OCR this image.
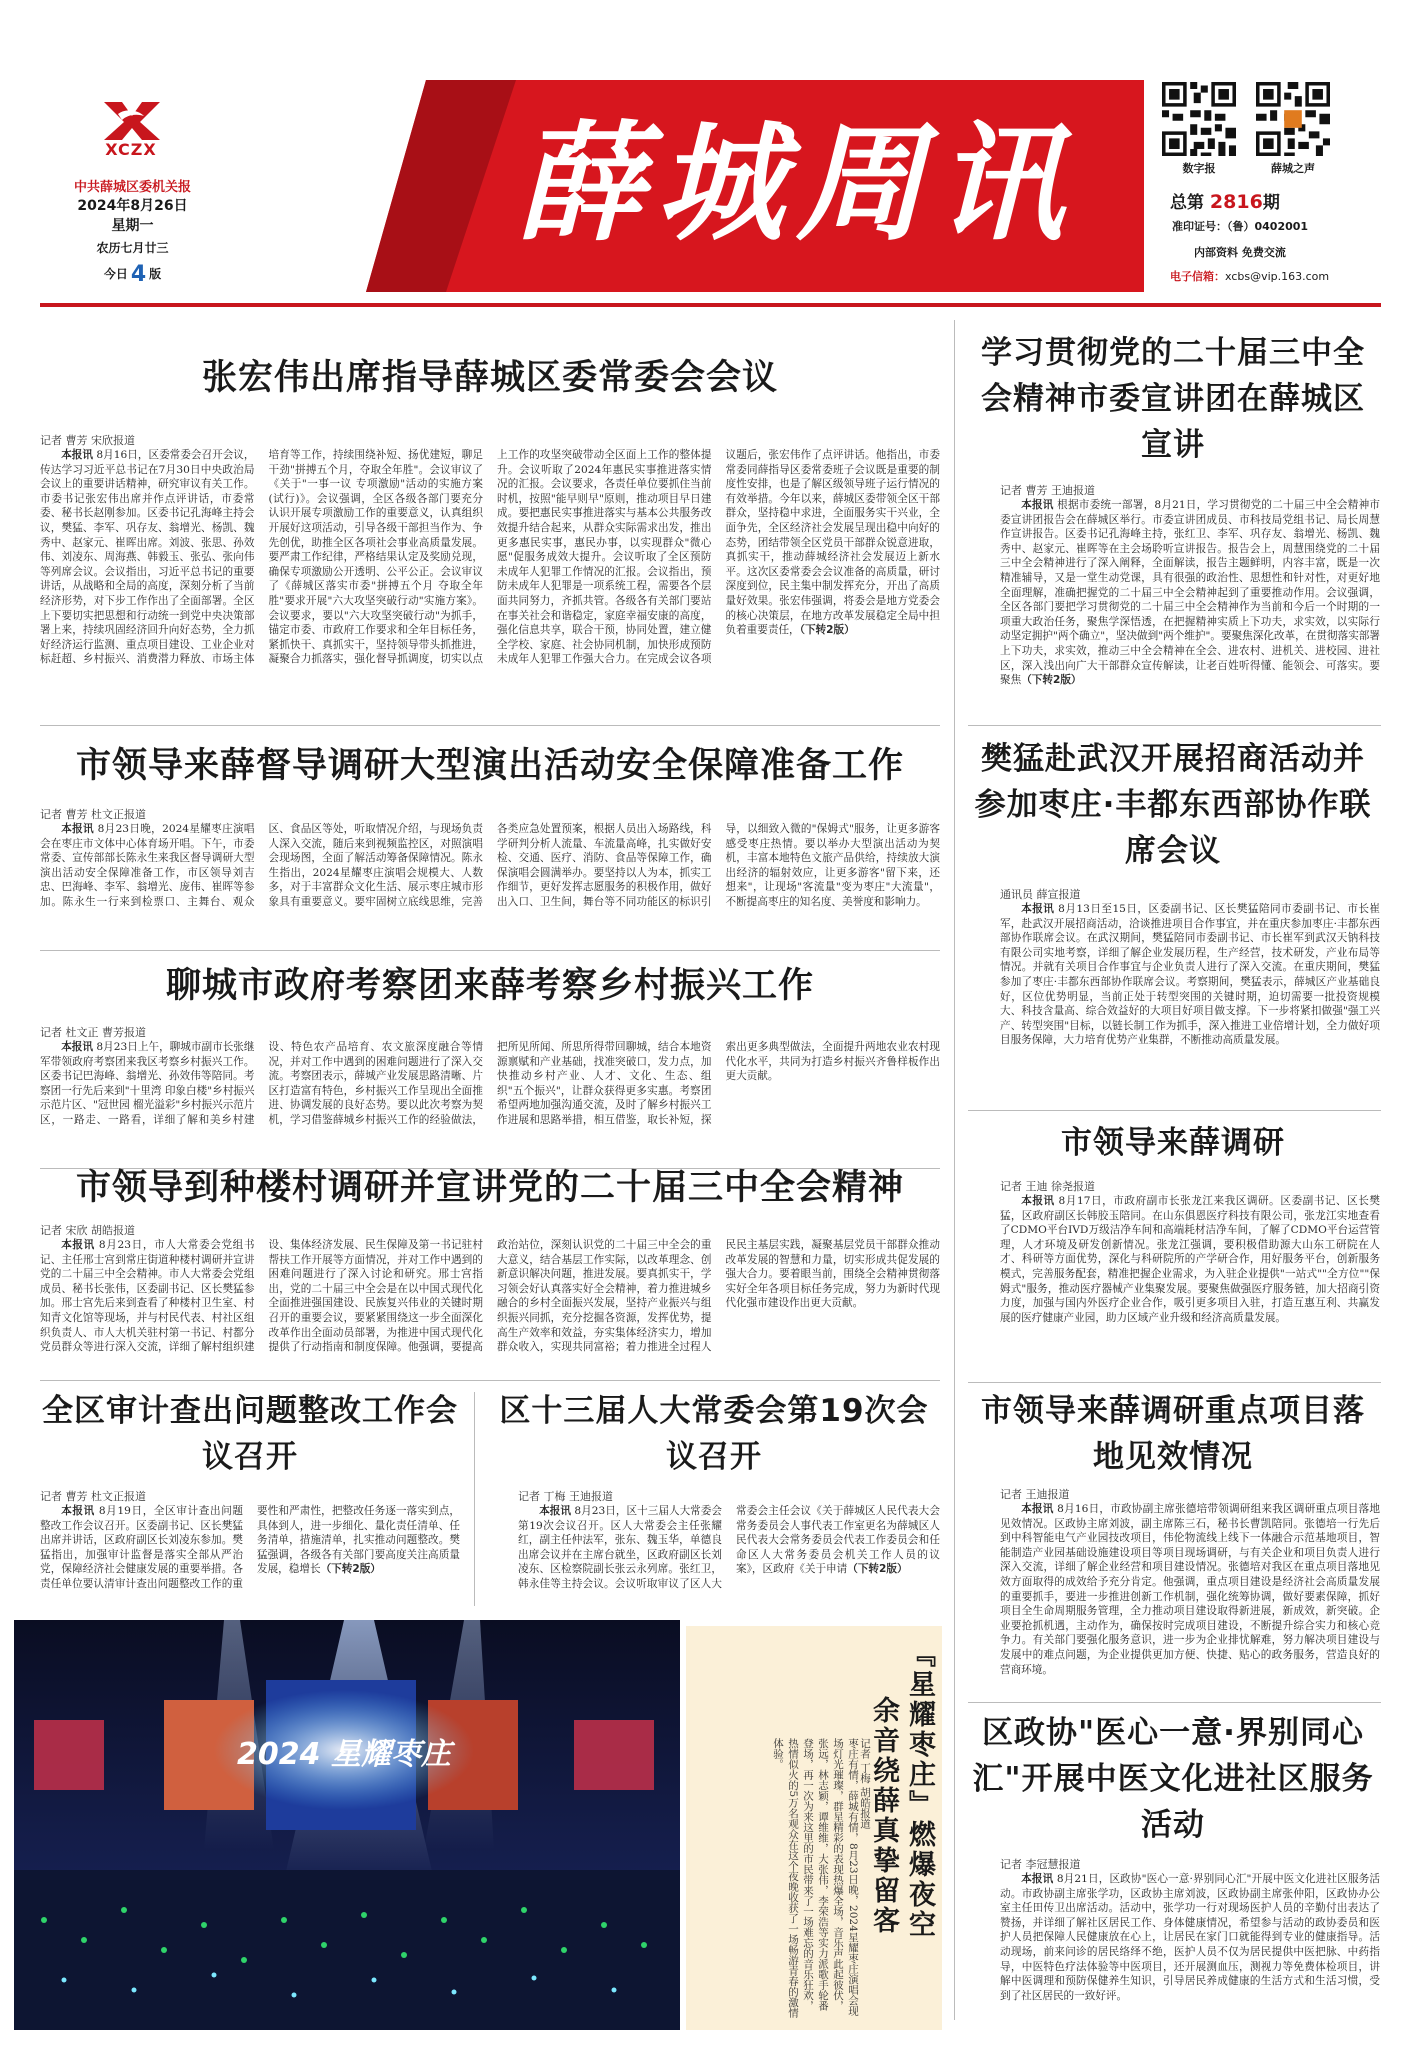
XCZX
中共薛城区委机关报
2024年8月26日
星期一
农历七月廿三
今日 4 版
薛城周讯	数字报	薛城之声
总第 2816期
准印证号：（鲁）0402001
内部资料 免费交流
电子信箱：xcbs@vip.163.com
张宏伟出席指导薛城区委常委会会议
记者 曹芳 宋欣报道

本报讯 8月16日，区委常委会召开会议，传达学习习近平总书记在7月30日中央政治局会议上的重要讲话精神，研究审议有关工作。市委书记张宏伟出席并作点评讲话，市委常委、秘书长赵刚参加。区委书记孔海峰主持会议，樊猛、李军、巩存友、翁增光、杨凯、魏秀中、赵家元、崔晖出席。刘波、张思、孙效伟、刘凌东、周海燕、韩毅玉、张弘、张向伟等列席会议。会议指出，习近平总书记的重要讲话，从战略和全局的高度，深刻分析了当前经济形势，对下步工作作出了全面部署。全区上下要切实把思想和行动统一到党中央决策部署上来，持续巩固经济回升向好态势，全力抓好经济运行监测、重点项目建设、工业企业对标赶超、乡村振兴、消费潜力释放、市场主体培育等工作，持续围绕补短、扬优建短，聊足干劲"拼搏五个月，夺取全年胜"。会议审议了《关于"一事一议 专项激励"活动的实施方案(试行)》。会议强调，全区各级各部门要充分认识开展专项激励工作的重要意义，认真组织开展好这项活动，引导各级干部担当作为、争先创优，助推全区各项社会事业高质量发展。要严肃工作纪律，严格结果认定及奖励兑现，确保专项激励公开透明、公平公正。会议审议了《薛城区落实市委"拼搏五个月 夺取全年胜"要求开展"六大攻坚突破行动"实施方案》。会议要求，要以"六大攻坚突破行动"为抓手，锚定市委、市政府工作要求和全年目标任务，紧抓快干、真抓实干，坚持领导带头抓推进，凝聚合力抓落实，强化督导抓调度，切实以点上工作的攻坚突破带动全区面上工作的整体提升。会议听取了2024年惠民实事推进落实情况的汇报。会议要求，各责任单位要抓住当前时机，按照"能早则早"原则，推动项目早日建成。要把惠民实事推进落实与基本公共服务改效提升结合起来，从群众实际需求出发，推出更多惠民实事，惠民办事，以实现群众"微心愿"促服务成效大提升。会议听取了全区预防未成年人犯罪工作情况的汇报。会议指出，预防未成年人犯罪是一项系统工程，需要各个层面共同努力，齐抓共管。各级各有关部门要站在事关社会和谐稳定，家庭幸福安康的高度，强化信息共享，联合干预，协同处置，建立健全学校、家庭、社会协同机制，加快形成预防未成年人犯罪工作强大合力。在完成会议各项议题后，张宏伟作了点评讲话。他指出，市委常委同薛指导区委常委班子会议既是重要的制度性安排，也是了解区级领导班子运行情况的有效举措。今年以来，薛城区委带领全区干部群众，坚持稳中求进，全面服务实干兴业，全面争先，全区经济社会发展呈现出稳中向好的态势，团结带领全区党员干部群众锐意进取，真抓实干，推动薛城经济社会发展迈上新水平。这次区委常委会会议准备的高质量，研讨深度到位，民主集中制发挥充分，开出了高质量好效果。张宏伟强调，将委会是地方党委会的核心决策层，在地方改革发展稳定全局中担负着重要责任，（下转2版）

学习贯彻党的二十届三中全会精神市委宣讲团在薛城区宣讲
记者 曹芳 王迪报道

本报讯 根据市委统一部署，8月21日，学习贯彻党的二十届三中全会精神市委宣讲团报告会在薛城区举行。市委宣讲团成员、市科技局党组书记、局长周慧作宣讲报告。区委书记孔海峰主持，张红卫、李军、巩存友、翁增光、杨凯、魏秀中、赵家元、崔晖等在主会场聆听宣讲报告。报告会上，周慧围绕党的二十届三中全会精神进行了深入阐释，全面解读，报告主题鲜明，内容丰富，既是一次精准辅导，又是一堂生动党课，具有很强的政治性、思想性和针对性，对更好地全面理解，准确把握党的二十届三中全会精神起到了重要推动作用。会议强调，全区各部门要把学习贯彻党的二十届三中全会精神作为当前和今后一个时期的一项重大政治任务，聚焦学深悟透，在把握精神实质上下功夫，求实效，以实际行动坚定拥护"两个确立"，坚决做到"两个维护"。要聚焦深化改革，在贯彻落实部署上下功夫，求实效，推动三中全会精神在全会、进农村、进机关、进校园、进社区，深入浅出向广大干部群众宣传解读，让老百姓听得懂、能领会、可落实。要聚焦（下转2版）

市领导来薛督导调研大型演出活动安全保障准备工作
记者 曹芳 杜文正报道

本报讯 8月23日晚，2024星耀枣庄演唱会在枣庄市文体中心体育场开唱。下午，市委常委、宣传部部长陈永生来我区督导调研大型演出活动安全保障准备工作，市区领导刘吉忠、巴海峰、李军、翁增光、庞伟、崔晖等参加。陈永生一行来到检票口、主舞台、观众区、食品区等处，听取情况介绍，与现场负责人深入交流，随后来到视频监控区，对照演唱会现场图，全面了解活动筹备保障情况。陈永生指出，2024星耀枣庄演唱会规模大、人数多，对于丰富群众文化生活、展示枣庄城市形象具有重要意义。要牢固树立底线思维，完善各类应急处置预案，根据人员出入场路线，科学研判分析人流量、车流量高峰，扎实做好安检、交通、医疗、消防、食品等保障工作，确保演唱会圆满举办。要坚持以人为本，抓实工作细节，更好发挥志愿服务的积极作用，做好出入口、卫生间，舞台等不同功能区的标识引导，以细致入微的"保姆式"服务，让更多游客感受枣庄热情。要以举办大型演出活动为契机，丰富本地特色文旅产品供给，持续放大演出经济的辐射效应，让更多游客"留下来，还想来"，让现场"客流量"变为枣庄"大流量"，不断提高枣庄的知名度、美誉度和影响力。

樊猛赴武汉开展招商活动并参加枣庄·丰都东西部协作联席会议
通讯员 薛宣报道

本报讯 8月13日至15日，区委副书记、区长樊猛陪同市委副书记、市长崔军，赴武汉开展招商活动，洽谈推进项目合作事宜，并在重庆参加枣庄·丰都东西部协作联席会议。在武汉期间，樊猛陪同市委副书记、市长崔军到武汉天钠科技有限公司实地考察，详细了解企业发展历程，生产经营，技术研发，产业布局等情况。并就有关项目合作事宜与企业负责人进行了深入交流。在重庆期间，樊猛参加了枣庄·丰都东西部协作联席会议。考察期间，樊猛表示，薛城区产业基础良好，区位优势明显，当前正处于转型突围的关键时期，迫切需要一批投资规模大、科技含量高、综合效益好的大项目好项目做支撑。下一步将紧扣做强"强工兴产、转型突围"目标，以链长制工作为抓手，深入推进工业倍增计划，全力做好项目服务保障，大力培育优势产业集群，不断推动高质量发展。

聊城市政府考察团来薛考察乡村振兴工作
记者 杜文正 曹芳报道

本报讯 8月23日上午，聊城市副市长张继军带领政府考察团来我区考察乡村振兴工作。区委书记巴海峰、翁增光、孙效伟等陪同。考察团一行先后来到"十里湾 印象白楼"乡村振兴示范片区、"冠世园 榴光溢彩"乡村振兴示范片区，一路走、一路看，详细了解和美乡村建设、特色农产品培育、农文旅深度融合等情况，并对工作中遇到的困难问题进行了深入交流。考察团表示，薛城产业发展思路清晰、片区打造富有特色，乡村振兴工作呈现出全面推进、协调发展的良好态势。要以此次考察为契机，学习借鉴薛城乡村振兴工作的经验做法，把所见所闻、所思所得带回聊城，结合本地资源禀赋和产业基础，找准突破口，发力点，加快推动乡村产业、人才、文化、生态、组织"五个振兴"，让群众获得更多实惠。考察团希望两地加强沟通交流，及时了解乡村振兴工作进展和思路举措，相互借鉴，取长补短，探索出更多典型做法，全面提升两地农业农村现代化水平，共同为打造乡村振兴齐鲁样板作出更大贡献。

市领导来薛调研
记者 王迪 徐尧报道

本报讯 8月17日，市政府副市长张龙江来我区调研。区委副书记、区长樊猛，区政府副区长韩胶玉陪同。在山东俱恩医疗科技有限公司，张龙江实地查看了CDMO平台IVD万级洁净车间和高端耗材洁净车间，了解了CDMO平台运营管理，人才环境及研发创新情况。张龙江强调，要积极借助源大山东工研院在人才、科研等方面优势，深化与科研院所的产学研合作，用好服务平台，创新服务模式，完善服务配套，精准把握企业需求，为入驻企业提供"一站式""全方位""保姆式"服务，推动医疗器械产业集聚发展。要聚焦做强医疗服务链，加大招商引资力度，加强与国内外医疗企业合作，吸引更多项目入驻，打造互惠互利、共赢发展的医疗健康产业园，助力区域产业升级和经济高质量发展。

市领导到种楼村调研并宣讲党的二十届三中全会精神
记者 宋欣 胡皓报道

本报讯 8月23日，市人大常委会党组书记、主任邢士宫到常庄街道种楼村调研并宣讲党的二十届三中全会精神。市人大常委会党组成员、秘书长张伟，区委副书记、区长樊猛参加。邢士宫先后来到查看了种楼村卫生室、村知青文化馆等现场，并与村民代表、村社区组织负责人、市人大机关驻村第一书记、村都分党员群众等进行深入交流，详细了解村组织建设、集体经济发展、民生保障及第一书记驻村帮扶工作开展等方面情况，并对工作中遇到的困难问题进行了深入讨论和研究。邢士宫指出，党的二十届三中全会是在以中国式现代化全面推进强国建设、民族复兴伟业的关键时期召开的重要会议，要紧紧围绕这一步全面深化改革作出全面动员部署，为推进中国式现代化提供了行动指南和制度保障。他强调，要提高政治站位，深刻认识党的二十届三中全会的重大意义，结合基层工作实际，以改革理念、创新意识解决问题，推进发展。要真抓实干，学习领会好认真落实好全会精神，着力推进城乡融合的乡村全面振兴发展，坚持产业振兴与组织振兴同抓，充分挖掘各资源，发挥优势，提高生产效率和效益，夯实集体经济实力，增加群众收入，实现共同富裕；着力推进全过程人民民主基层实践，凝聚基层党员干部群众推动改革发展的智慧和力量，切实形成共促发展的强大合力。要着眼当前，围绕全会精神贯彻落实好全年各项目标任务完成，努力为新时代现代化强市建设作出更大贡献。

全区审计查出问题整改工作会议召开
记者 曹芳 杜文正报道

本报讯 8月19日，全区审计查出问题整改工作会议召开。区委副书记、区长樊猛出席并讲话，区政府副区长刘凌东参加。樊猛指出，加强审计监督是落实全部从严治党，保障经济社会健康发展的重要举措。各责任单位要认清审计查出问题整改工作的重要性和严肃性，把整改任务逐一落实到点，具体到人，进一步细化、量化责任清单、任务清单，措施清单，扎实推动问题整改。樊猛强调，各级各有关部门要高度关注高质量发展，稳增长（下转2版）

区十三届人大常委会第19次会议召开
记者 丁梅 王迪报道

本报讯 8月23日，区十三届人大常委会第19次会议召开。区人大常委会主任张耀红，副主任仲法军，张东、魏玉华，单德良出席会议并在主席台就坐，区政府副区长刘凌东、区检察院副长张云永列席。张红卫，韩永佳等主持会议。会议听取审议了区人大常委会主任会议《关于薛城区人民代表大会常务委员会人事代表工作室更名为薛城区人民代表大会常务委员会代表工作委员会和任命区人大常务委员会机关工作人员的议案》，区政府《关于申请（下转2版）

市领导来薛调研重点项目落地见效情况
记者 王迪报道

本报讯 8月16日，市政协副主席张德培带领调研组来我区调研重点项目落地见效情况。区政协主席刘波，副主席陈三石，秘书长曹凯陪同。张德培一行先后到中科智能电气产业园技改项目，伟伦物流线上线下一体融合示范基地项目，智能制造产业园基础设施建设项目等项目现场调研，与有关企业和项目负责人进行深入交流，详细了解企业经营和项目建设情况。张德培对我区在重点项目落地见效方面取得的成效给予充分肯定。他强调，重点项目建设是经济社会高质量发展的重要抓手，要进一步推进创新工作机制，强化统筹协调，做好要素保障，抓好项目全生命周期服务管理，全力推动项目建设取得新进展，新成效，新突破。企业要抢抓机遇，主动作为，确保按时完成项目建设，不断提升综合实力和核心竞争力。有关部门要强化服务意识，进一步为企业排忧解难，努力解决项目建设与发展中的难点问题，为企业提供更加方便、快捷、贴心的政务服务，营造良好的营商环境。

区政协"医心一意·界别同心汇"开展中医文化进社区服务活动
记者 李冠慧报道

本报讯 8月21日，区政协"医心一意·界别同心汇"开展中医文化进社区服务活动。市政协副主席张学功，区政协主席刘波，区政协副主席张仲阳，区政协办公室主任田传卫出席活动。活动中，张学功一行对现场医护人员的辛勤付出表达了赞扬，并详细了解社区居民工作、身体健康情况，希望参与活动的政协委员和医护人员把保障人民健康放在心上，让居民在家门口就能得到专业的健康指导。活动现场，前来问诊的居民络绎不绝，医护人员不仅为居民提供中医把脉、中药指导，中医特色疗法体验等中医项目，还开展测血压，测视力等免费体检项目，讲解中医调理和预防保健养生知识，引导居民养成健康的生活方式和生活习惯，受到了社区居民的一致好评。

2024 星耀枣庄	『星耀枣庄』燃爆夜空
余音绕薛真挚留客
记者 丁梅 胡皓报道
枣庄有情，薛城有情，8月23日晚，2024星耀枣庄演唱会现场灯光璀璨，群星精彩的表现热爆全场，音乐声此起彼伏，张远，林志颖，谭维维，大张伟，李荣浩等实力派歌手轮番登场，再一次为来这里的市民带来了一场难忘的音乐狂欢，热情似火的5万名观众在这个夜晚收获了一场畅游青春的激情体验。
